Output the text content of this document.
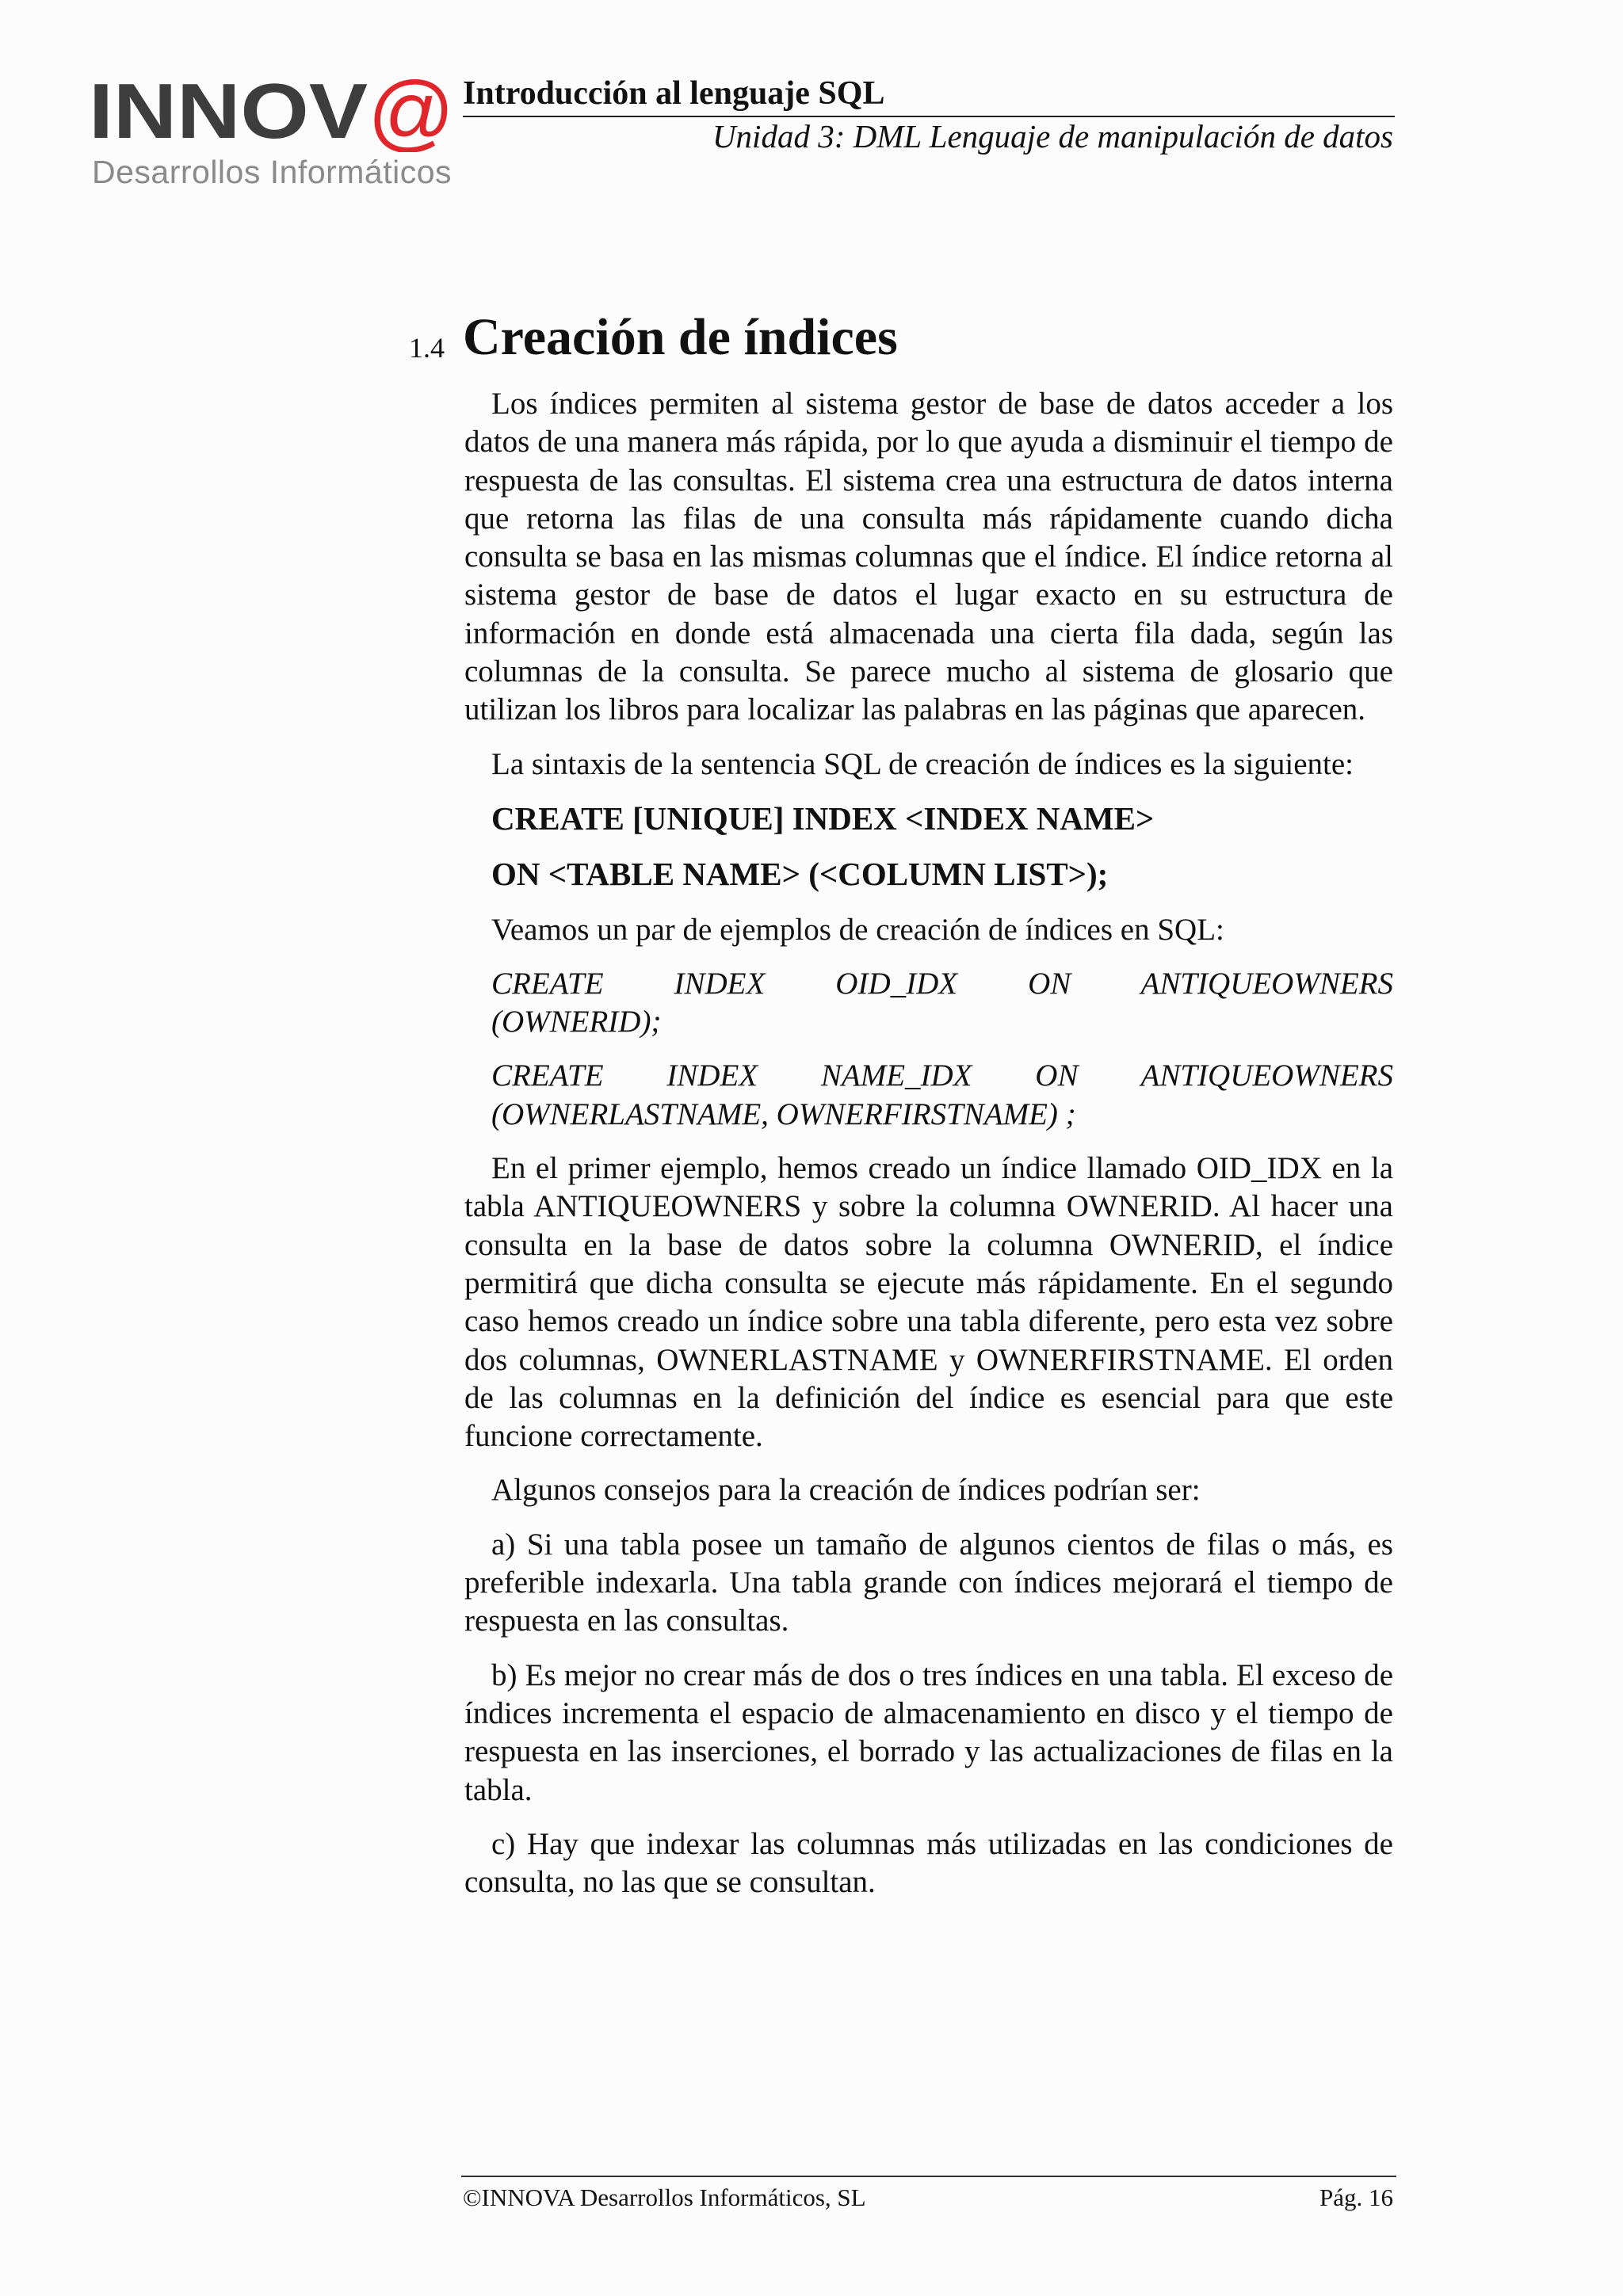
INNOV @
Desarrollos Informáticos
Introducción al lenguaje SQL
Unidad 3: DML Lenguaje de manipulación de datos
1.4 Creación de índices

Los índices permiten al sistema gestor de base de datos acceder a los datos de una manera más rápida, por lo que ayuda a disminuir el tiempo de respuesta de las consultas. El sistema crea una estructura de datos interna que retorna las filas de una consulta más rápidamente cuando dicha consulta se basa en las mismas columnas que el índice. El índice retorna al sistema gestor de base de datos el lugar exacto en su estructura de información en donde está almacenada una cierta fila dada, según las columnas de la consulta. Se parece mucho al sistema de glosario que utilizan los libros para localizar las palabras en las páginas que aparecen.

La sintaxis de la sentencia SQL de creación de índices es la siguiente:

CREATE [UNIQUE] INDEX <INDEX NAME>

ON <TABLE NAME> (<COLUMN LIST>);

Veamos un par de ejemplos de creación de índices en SQL:

CREATE INDEX OID_IDX ON ANTIQUEOWNERS
(OWNERID);

CREATE INDEX NAME_IDX ON ANTIQUEOWNERS
(OWNERLASTNAME, OWNERFIRSTNAME) ;

En el primer ejemplo, hemos creado un índice llamado OID_IDX en la tabla ANTIQUEOWNERS y sobre la columna OWNERID. Al hacer una consulta en la base de datos sobre la columna OWNERID, el índice permitirá que dicha consulta se ejecute más rápidamente. En el segundo caso hemos creado un índice sobre una tabla diferente, pero esta vez sobre dos columnas, OWNERLASTNAME y OWNERFIRSTNAME. El orden de las columnas en la definición del índice es esencial para que este funcione correctamente.

Algunos consejos para la creación de índices podrían ser:

a) Si una tabla posee un tamaño de algunos cientos de filas o más, es preferible indexarla. Una tabla grande con índices mejorará el tiempo de respuesta en las consultas.

b) Es mejor no crear más de dos o tres índices en una tabla. El exceso de índices incrementa el espacio de almacenamiento en disco y el tiempo de respuesta en las inserciones, el borrado y las actualizaciones de filas en la tabla.

c) Hay que indexar las columnas más utilizadas en las condiciones de consulta, no las que se consultan.

©INNOVA Desarrollos Informáticos, SL	Pág. 16
